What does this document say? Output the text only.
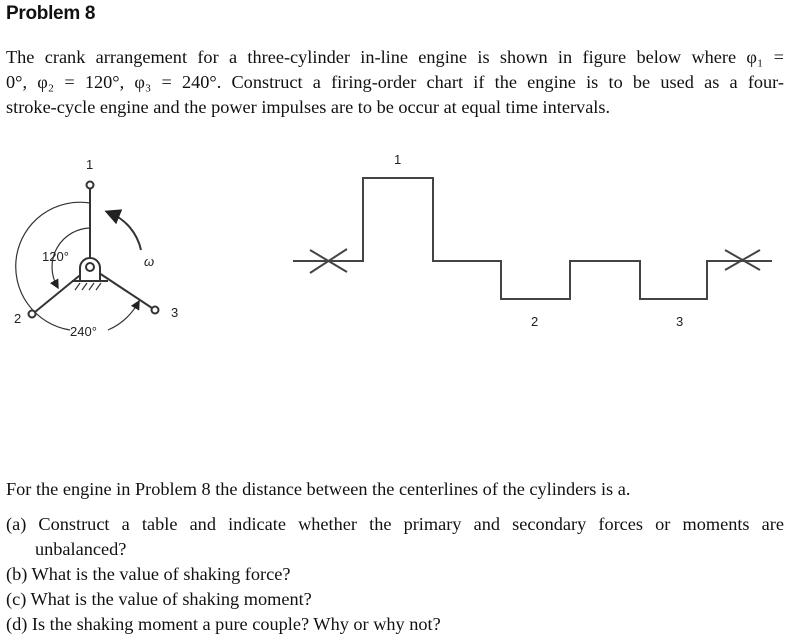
Problem 8
The crank arrangement for a three-cylinder in-line engine is shown in figure below where φ₁ =
0°, φ₂ = 120°, φ₃ = 240°. Construct a firing-order chart if the engine is to be used as a four-
stroke-cycle engine and the power impulses are to be occur at equal time intervals.
1
2	3
120°
240°
ω
1
2	3
For the engine in Problem 8 the distance between the centerlines of the cylinders is a.
(a) Construct a table and indicate whether the primary and secondary forces or moments are
unbalanced?
(b) What is the value of shaking force?
(c) What is the value of shaking moment?
(d) Is the shaking moment a pure couple? Why or why not?
